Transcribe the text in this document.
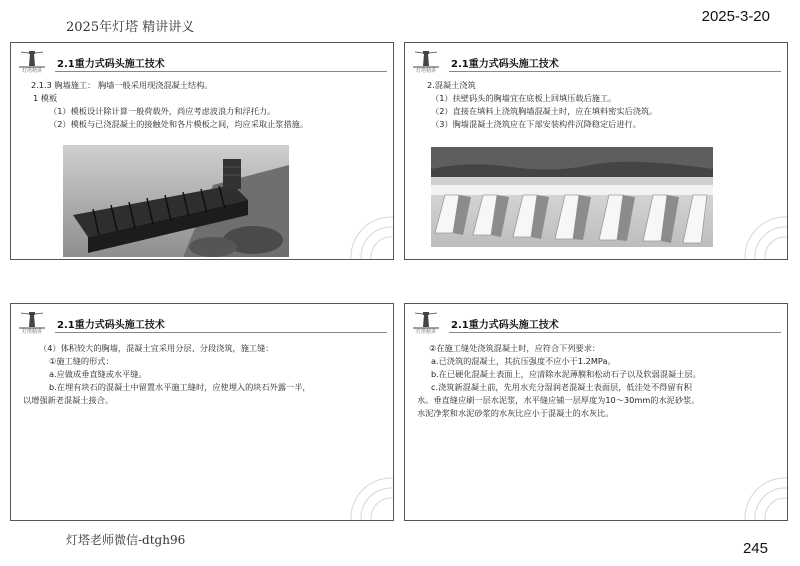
2025年灯塔 精讲讲义
2025-3-20
灯塔精讲
2.1重力式码头施工技术

2.1.3 胸墙施工： 胸墙一般采用现浇混凝土结构。

1 模板

（1）模板设计除计算一般荷载外，尚应考虑波浪力和浮托力。

（2）模板与已浇混凝土的接触处和各片模板之间，均应采取止浆措施。

灯塔精讲
2.1重力式码头施工技术

2.混凝土浇筑

（1）扶壁码头的胸墙宜在底板上回填压载后施工。

（2）直接在填料上浇筑胸墙混凝土时，应在填料密实后浇筑。

（3）胸墙混凝土浇筑应在下部安装构件沉降稳定后进行。

灯塔精讲
2.1重力式码头施工技术

（4）体积较大的胸墙，混凝土宜采用分层、分段浇筑，施工缝：

①施工缝的形式：

a.应做成垂直缝或水平缝。

b.在埋有块石的混凝土中留置水平施工缝时，应使埋入的块石外露一半，

以增强新老混凝土接合。

灯塔精讲
2.1重力式码头施工技术

②在施工缝处浇筑混凝土时，应符合下列要求：

a.已浇筑的混凝土，其抗压强度不应小于1.2MPa。

b.在已硬化混凝土表面上，应清除水泥薄膜和松动石子以及软弱混凝土层。

c.浇筑新混凝土前，先用水充分湿润老混凝土表面层，低洼处不得留有积

水。垂直缝应刷一层水泥浆，水平缝应铺一层厚度为10～30mm的水泥砂浆。

水泥净浆和水泥砂浆的水灰比应小于混凝土的水灰比。

灯塔老师微信-dtgh96	245
